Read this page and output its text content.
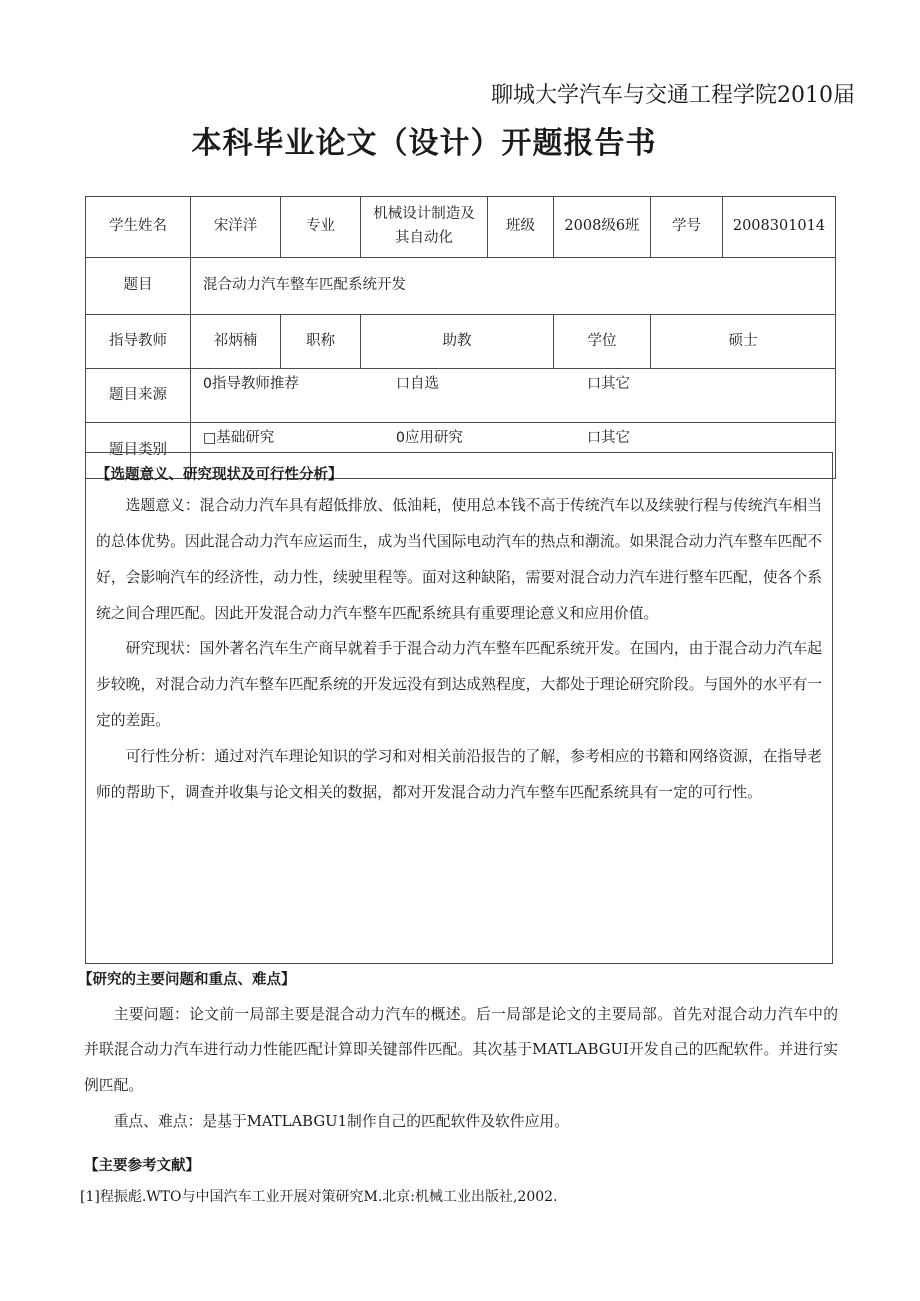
聊城大学汽车与交通工程学院2010届
本科毕业论文（设计）开题报告书
学生姓名	宋洋洋	专业	机械设计制造及其自动化	班级	2008级6班	学号	2008301014
题目	混合动力汽车整车匹配系统开发						
指导教师	祁炳楠	职称	助教		学位	硕士	
题目来源	0指导教师推荐 口自选 口其它						

题目类别	□基础研究 0应用研究 口其它						
【选题意义、研究现状及可行性分析】

选题意义：混合动力汽车具有超低排放、低油耗，使用总本钱不高于传统汽车以及续驶行程与传统汽车相当的总体优势。因此混合动力汽车应运而生，成为当代国际电动汽车的热点和潮流。如果混合动力汽车整车匹配不好，会影响汽车的经济性，动力性，续驶里程等。面对这种缺陷，需要对混合动力汽车进行整车匹配，使各个系统之间合理匹配。因此开发混合动力汽车整车匹配系统具有重要理论意义和应用价值。

研究现状：国外著名汽车生产商早就着手于混合动力汽车整车匹配系统开发。在国内，由于混合动力汽车起步较晚，对混合动力汽车整车匹配系统的开发远没有到达成熟程度，大都处于理论研究阶段。与国外的水平有一定的差距。

可行性分析：通过对汽车理论知识的学习和对相关前沿报告的了解，参考相应的书籍和网络资源，在指导老师的帮助下，调查并收集与论文相关的数据，都对开发混合动力汽车整车匹配系统具有一定的可行性。

【研究的主要问题和重点、难点】

主要问题：论文前一局部主要是混合动力汽车的概述。后一局部是论文的主要局部。首先对混合动力汽车中的并联混合动力汽车进行动力性能匹配计算即关键部件匹配。其次基于MATLABGUI开发自己的匹配软件。并进行实例匹配。

重点、难点：是基于MATLABGU1制作自己的匹配软件及软件应用。

【主要参考文献】
[1]程振彪.WTO与中国汽车工业开展对策研究M.北京:机械工业出版社,2002.
